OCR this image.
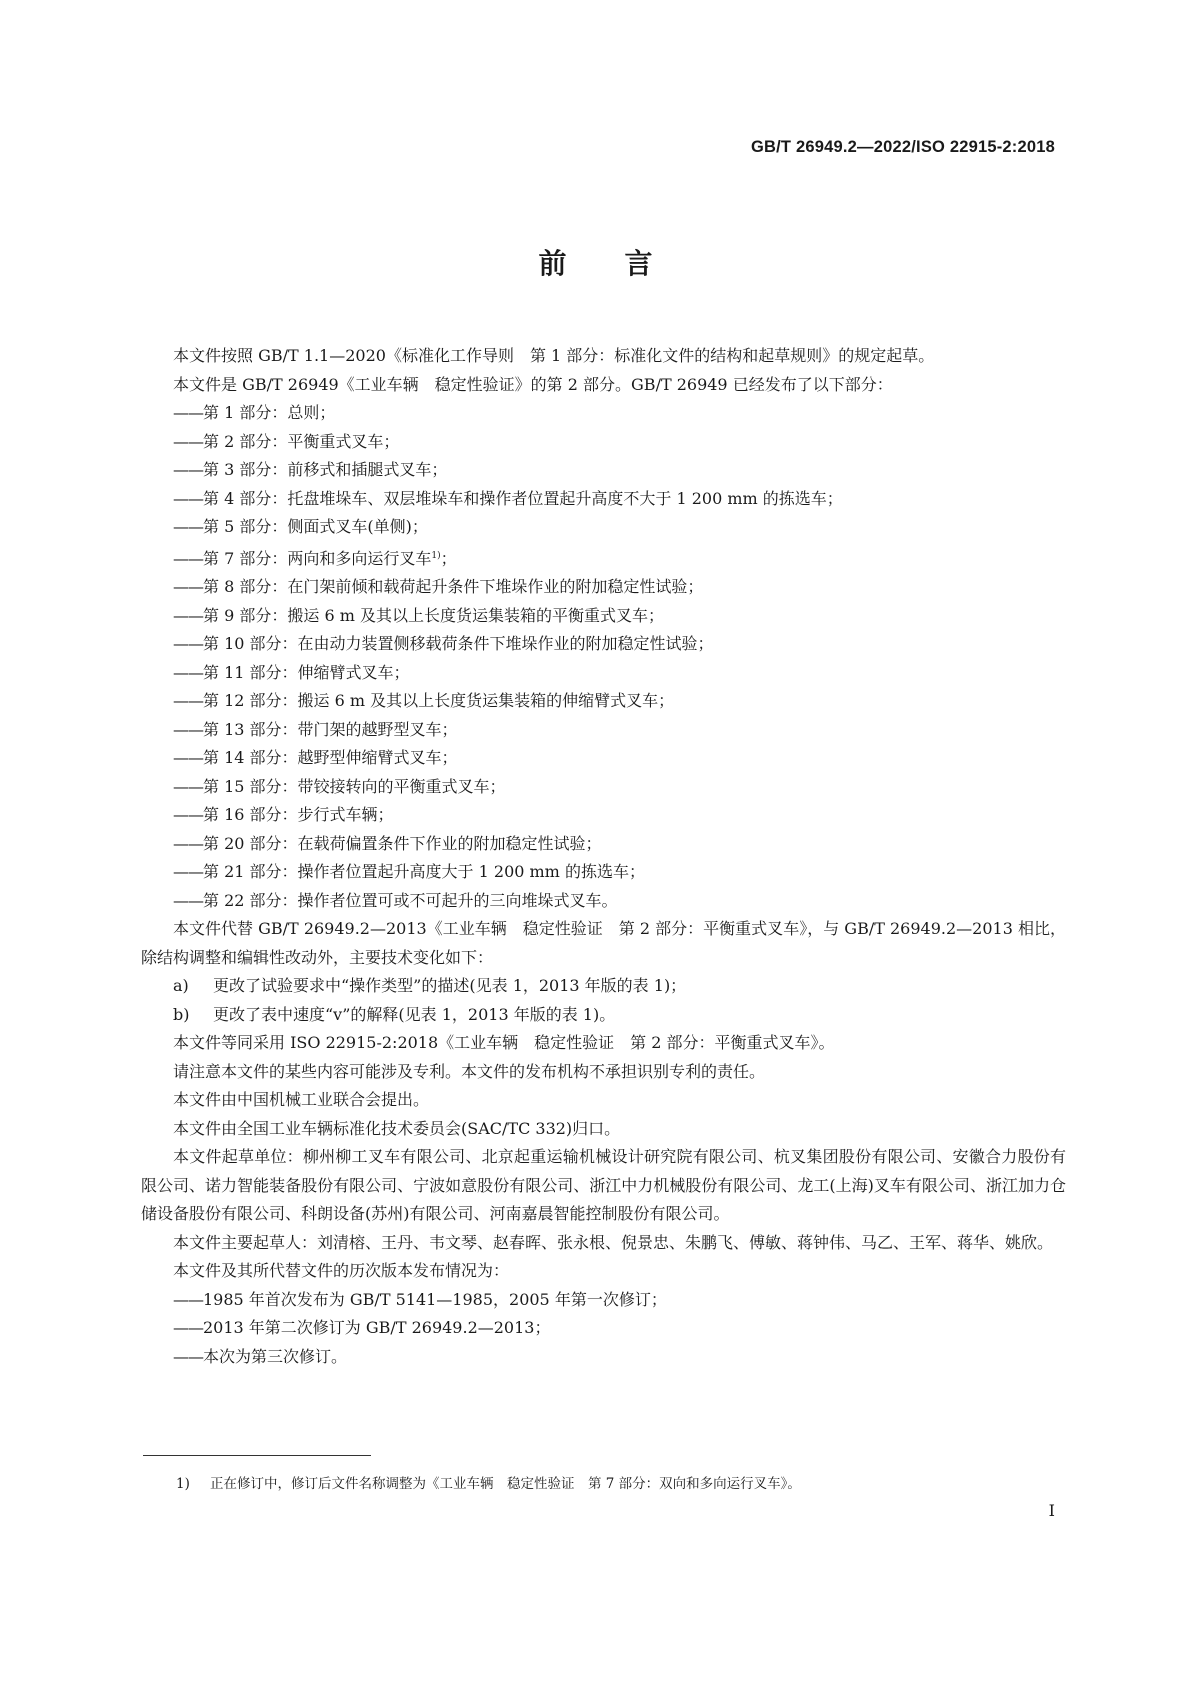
GB/T 26949.2—2022/ISO 22915-2:2018
前言

本文件按照 GB/T 1.1—2020《标准化工作导则　第 1 部分：标准化文件的结构和起草规则》的规定起草。

本文件是 GB/T 26949《工业车辆　稳定性验证》的第 2 部分。GB/T 26949 已经发布了以下部分：

——第 1 部分：总则；

——第 2 部分：平衡重式叉车；

——第 3 部分：前移式和插腿式叉车；

——第 4 部分：托盘堆垛车、双层堆垛车和操作者位置起升高度不大于 1 200 mm 的拣选车；

——第 5 部分：侧面式叉车(单侧)；

——第 7 部分：两向和多向运行叉车$^{1)}$；

——第 8 部分：在门架前倾和载荷起升条件下堆垛作业的附加稳定性试验；

——第 9 部分：搬运 6 m 及其以上长度货运集装箱的平衡重式叉车；

——第 10 部分：在由动力装置侧移载荷条件下堆垛作业的附加稳定性试验；

——第 11 部分：伸缩臂式叉车；

——第 12 部分：搬运 6 m 及其以上长度货运集装箱的伸缩臂式叉车；

——第 13 部分：带门架的越野型叉车；

——第 14 部分：越野型伸缩臂式叉车；

——第 15 部分：带铰接转向的平衡重式叉车；

——第 16 部分：步行式车辆；

——第 20 部分：在载荷偏置条件下作业的附加稳定性试验；

——第 21 部分：操作者位置起升高度大于 1 200 mm 的拣选车；

——第 22 部分：操作者位置可或不可起升的三向堆垛式叉车。

本文件代替 GB/T 26949.2—2013《工业车辆　稳定性验证　第 2 部分：平衡重式叉车》，与 GB/T 26949.2—2013 相比，除结构调整和编辑性改动外，主要技术变化如下：

a) 更改了试验要求中“操作类型”的描述(见表 1，2013 年版的表 1)；

b) 更改了表中速度“v”的解释(见表 1，2013 年版的表 1)。

本文件等同采用 ISO 22915-2:2018《工业车辆　稳定性验证　第 2 部分：平衡重式叉车》。

请注意本文件的某些内容可能涉及专利。本文件的发布机构不承担识别专利的责任。

本文件由中国机械工业联合会提出。

本文件由全国工业车辆标准化技术委员会(SAC/TC 332)归口。

本文件起草单位：柳州柳工叉车有限公司、北京起重运输机械设计研究院有限公司、杭叉集团股份有限公司、安徽合力股份有限公司、诺力智能装备股份有限公司、宁波如意股份有限公司、浙江中力机械股份有限公司、龙工(上海)叉车有限公司、浙江加力仓储设备股份有限公司、科朗设备(苏州)有限公司、河南嘉晨智能控制股份有限公司。

本文件主要起草人：刘清榕、王丹、韦文琴、赵春晖、张永根、倪景忠、朱鹏飞、傅敏、蒋钟伟、马乙、王军、蒋华、姚欣。

本文件及其所代替文件的历次版本发布情况为：

——1985 年首次发布为 GB/T 5141—1985，2005 年第一次修订；

——2013 年第二次修订为 GB/T 26949.2—2013；

——本次为第三次修订。

1) 正在修订中，修订后文件名称调整为《工业车辆　稳定性验证　第 7 部分：双向和多向运行叉车》。
I
